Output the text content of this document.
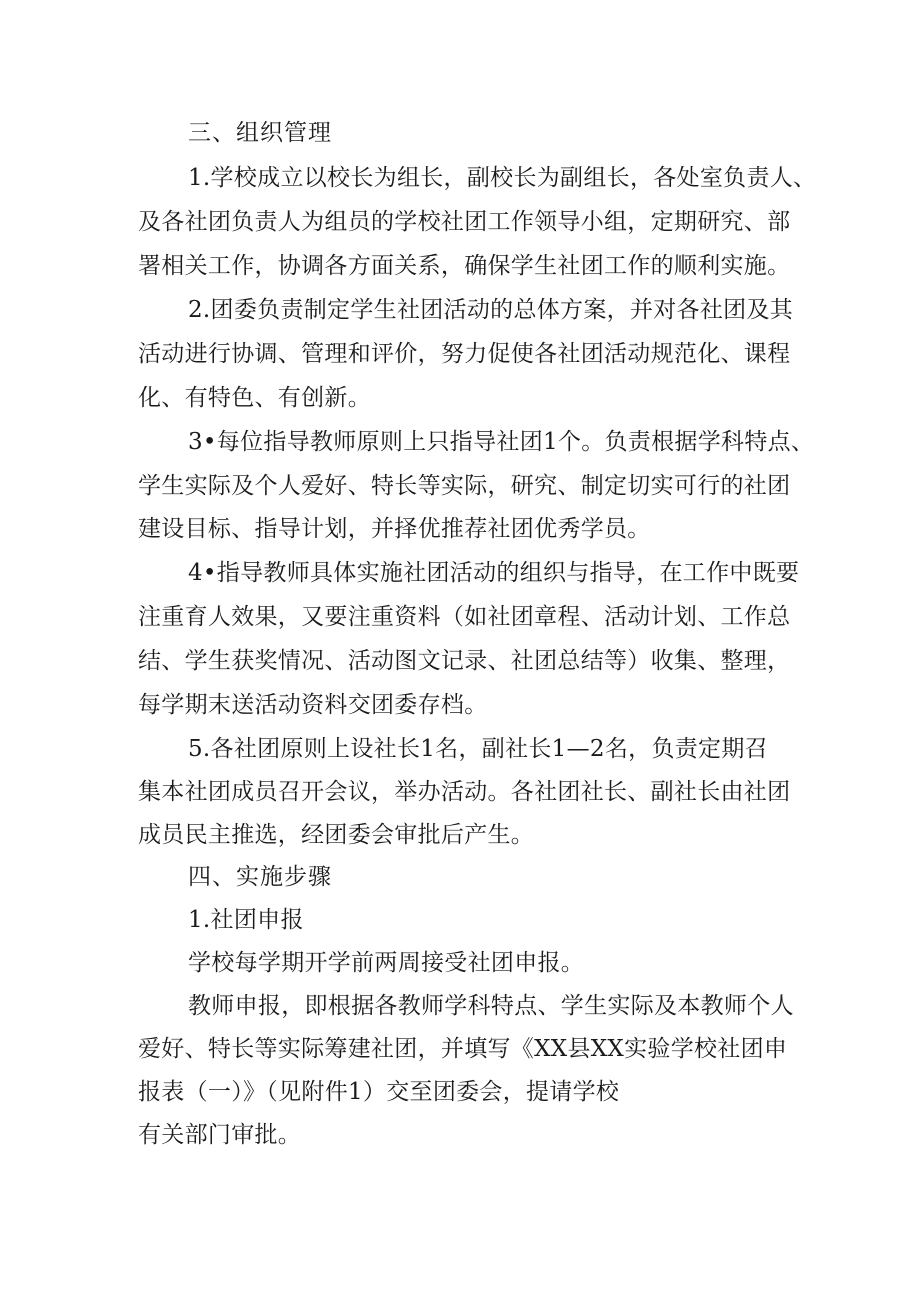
三、组织管理
1.学校成立以校长为组长，副校长为副组长，各处室负责人、
及各社团负责人为组员的学校社团工作领导小组，定期研究、部
署相关工作，协调各方面关系，确保学生社团工作的顺利实施。
2.团委负责制定学生社团活动的总体方案，并对各社团及其
活动进行协调、管理和评价，努力促使各社团活动规范化、课程
化、有特色、有创新。
3•每位指导教师原则上只指导社团1个。负责根据学科特点、
学生实际及个人爱好、特长等实际，研究、制定切实可行的社团
建设目标、指导计划，并择优推荐社团优秀学员。
4•指导教师具体实施社团活动的组织与指导，在工作中既要
注重育人效果，又要注重资料（如社团章程、活动计划、工作总
结、学生获奖情况、活动图文记录、社团总结等）收集、整理，
每学期末送活动资料交团委存档。
5.各社团原则上设社长1名，副社长1—2名，负责定期召
集本社团成员召开会议，举办活动。各社团社长、副社长由社团
成员民主推选，经团委会审批后产生。
四、实施步骤
1.社团申报
学校每学期开学前两周接受社团申报。
教师申报，即根据各教师学科特点、学生实际及本教师个人
爱好、特长等实际筹建社团，并填写《XX县XX实验学校社团申
报表（一）》（见附件1）交至团委会，提请学校
有关部门审批。
